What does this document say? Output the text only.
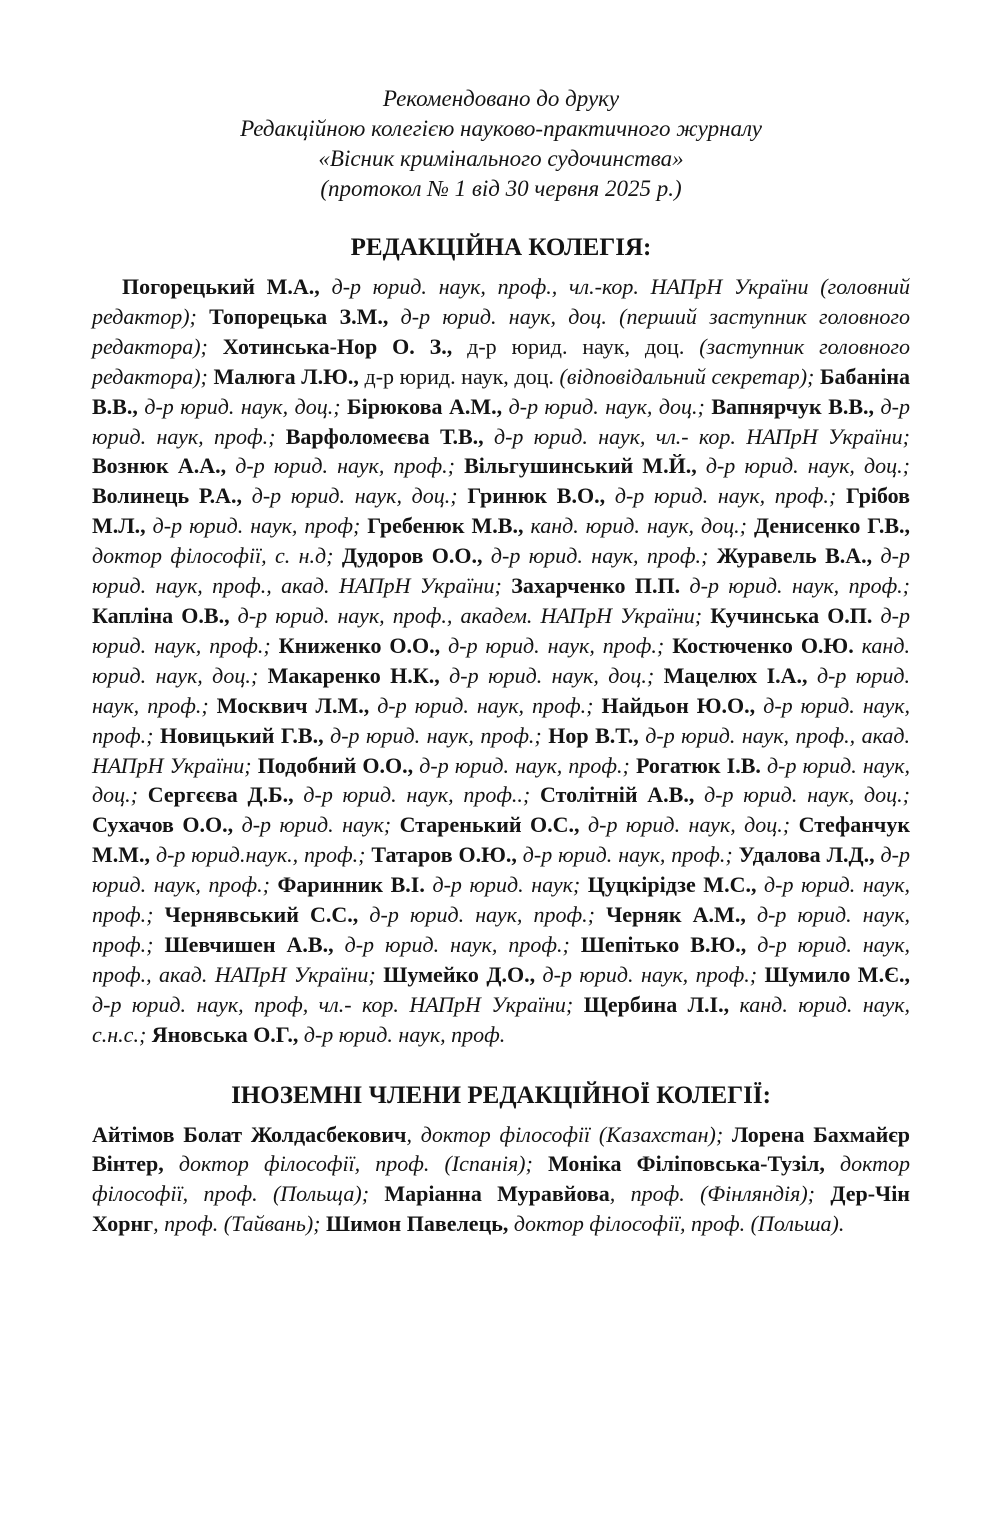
Рекомендовано до друку
Редакційною колегією науково-практичного журналу
«Вісник кримінального судочинства»
(протокол № 1 від 30 червня 2025 р.)
РЕДАКЦІЙНА КОЛЕГІЯ:

Погорецький М.А., д-р юрид. наук, проф., чл.-кор. НАПрН України (головний редактор); Топорецька З.М., д-р юрид. наук, доц. (перший заступник головного редактора); Хотинська-Нор О. З., д-р юрид. наук, доц. (заступник головного редактора); Малюга Л.Ю., д-р юрид. наук, доц. (відповідальний секретар); Бабаніна В.В., д-р юрид. наук, доц.; Бірюкова А.М., д-р юрид. наук, доц.; Вапнярчук В.В., д-р юрид. наук, проф.; Варфоломеєва Т.В., д-р юрид. наук, чл.- кор. НАПрН України; Вознюк А.А., д-р юрид. наук, проф.; Вільгушинський М.Й., д-р юрид. наук, доц.; Волинець Р.А., д-р юрид. наук, доц.; Гринюк В.О., д-р юрид. наук, проф.; Грібов М.Л., д-р юрид. наук, проф; Гребенюк М.В., канд. юрид. наук, доц.; Денисенко Г.В., доктор філософії, с. н.д; Дудоров О.О., д-р юрид. наук, проф.; Журавель В.А., д-р юрид. наук, проф., акад. НАПрН України; Захарченко П.П. д-р юрид. наук, проф.; Капліна О.В., д-р юрид. наук, проф., академ. НАПрН України; Кучинська О.П. д-р юрид. наук, проф.; Книженко О.О., д-р юрид. наук, проф.; Костюченко О.Ю. канд. юрид. наук, доц.; Макаренко Н.К., д-р юрид. наук, доц.; Мацелюх І.А., д-р юрид. наук, проф.; Москвич Л.М., д-р юрид. наук, проф.; Найдьон Ю.О., д-р юрид. наук, проф.; Новицький Г.В., д-р юрид. наук, проф.; Нор В.Т., д-р юрид. наук, проф., акад. НАПрН України; Подобний О.О., д-р юрид. наук, проф.; Рогатюк І.В. д-р юрид. наук, доц.; Сергєєва Д.Б., д-р юрид. наук, проф..; Столітній А.В., д-р юрид. наук, доц.; Сухачов О.О., д-р юрид. наук; Старенький О.С., д-р юрид. наук, доц.; Стефанчук М.М., д-р юрид.наук., проф.; Татаров О.Ю., д-р юрид. наук, проф.; Удалова Л.Д., д-р юрид. наук, проф.; Фаринник В.І. д-р юрид. наук; Цуцкірідзе М.С., д-р юрид. наук, проф.; Чернявський С.С., д-р юрид. наук, проф.; Черняк А.М., д-р юрид. наук, проф.; Шевчишен А.В., д-р юрид. наук, проф.; Шепітько В.Ю., д-р юрид. наук, проф., акад. НАПрН України; Шумейко Д.О., д-р юрид. наук, проф.; Шумило М.Є., д-р юрид. наук, проф, чл.- кор. НАПрН України; Щербина Л.І., канд. юрид. наук, с.н.с.; Яновська О.Г., д-р юрид. наук, проф.

ІНОЗЕМНІ ЧЛЕНИ РЕДАКЦІЙНОЇ КОЛЕГІЇ:

Айтімов Болат Жолдасбекович, доктор філософії (Казахстан); Лорена Бахмайєр Вінтер, доктор філософії, проф. (Іспанія); Моніка Філіповська-Тузіл, доктор філософії, проф. (Польща); Маріанна Муравйова, проф. (Фінляндія); Дер-Чін Хорнг, проф. (Тайвань); Шимон Павелець, доктор філософії, проф. (Польша).
